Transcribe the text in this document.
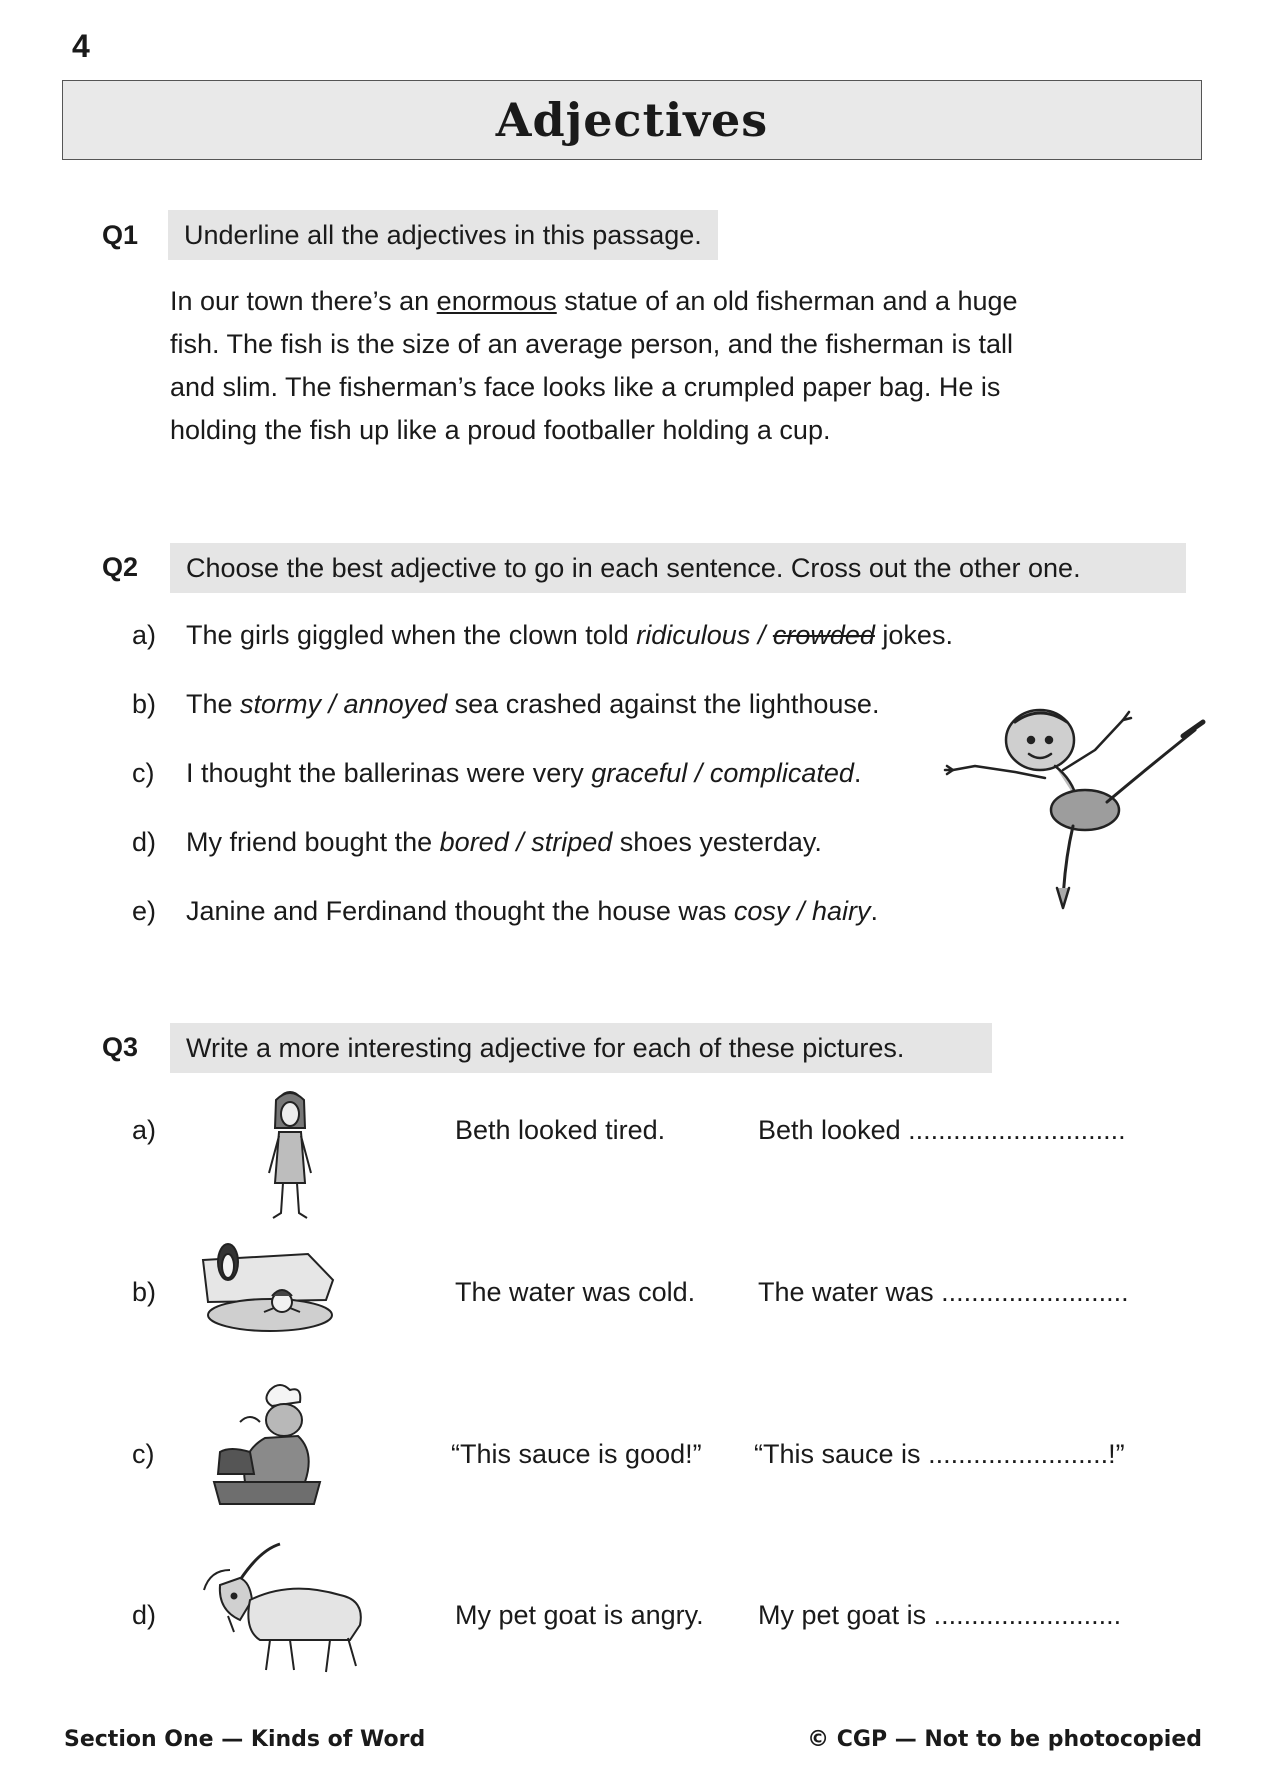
4
Adjectives
Q1	Underline all the adjectives in this passage.
In our town there’s an enormous statue of an old fisherman and a huge
fish. The fish is the size of an average person, and the fisherman is tall
and slim. The fisherman’s face looks like a crumpled paper bag. He is
holding the fish up like a proud footballer holding a cup.
Q2	Choose the best adjective to go in each sentence. Cross out the other one.
a) The girls giggled when the clown told ridiculous / crowded jokes.
b) The stormy / annoyed sea crashed against the lighthouse.
c) I thought the ballerinas were very graceful / complicated.
d) My friend bought the bored / striped shoes yesterday.
e) Janine and Ferdinand thought the house was cosy / hairy.
Q3	Write a more interesting adjective for each of these pictures.
a)	Beth looked tired.	Beth looked .............................
b)	The water was cold. The water was .........................
c)	“This sauce is good!” “This sauce is ........................!”
d)	My pet goat is angry. My pet goat is .........................
Section One — Kinds of Word	© CGP — Not to be photocopied
